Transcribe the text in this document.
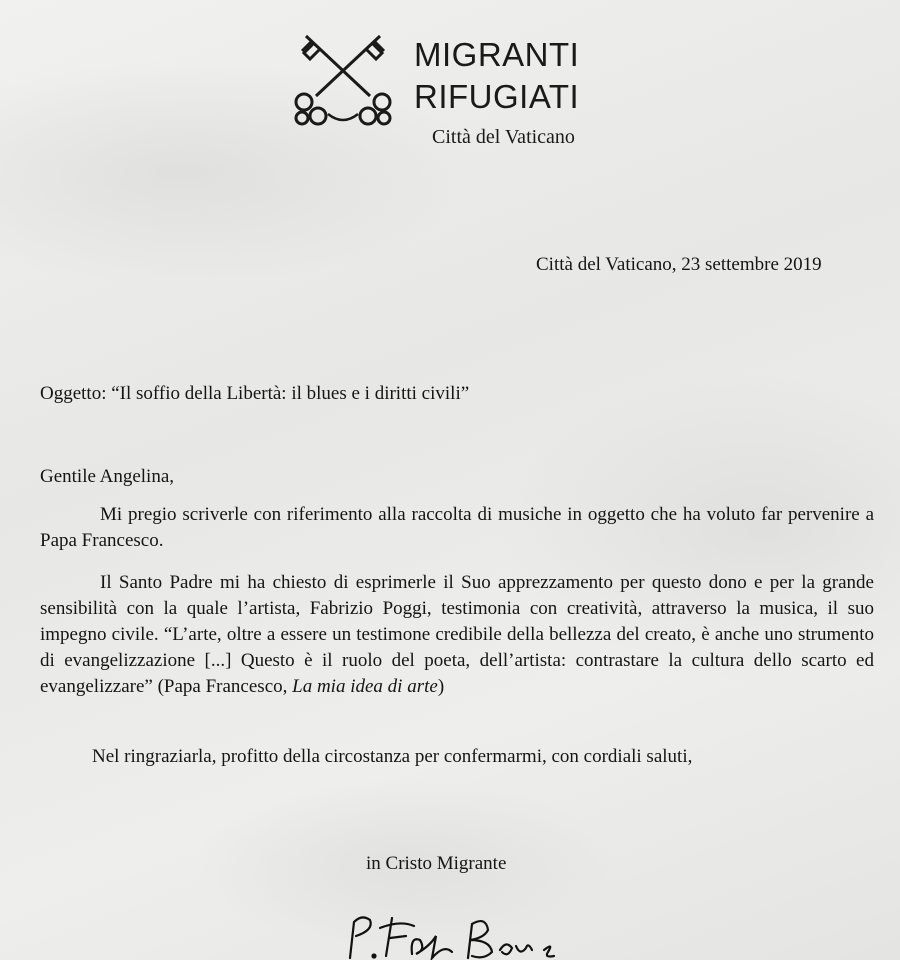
MIGRANTI
RIFUGIATI
Città del Vaticano
Città del Vaticano, 23 settembre 2019
Oggetto: “Il soffio della Libertà: il blues e i diritti civili”
Gentile Angelina,
Mi pregio scriverle con riferimento alla raccolta di musiche in oggetto che ha voluto far pervenire a Papa Francesco.
Il Santo Padre mi ha chiesto di esprimerle il Suo apprezzamento per questo dono e per la grande sensibilità con la quale l’artista, Fabrizio Poggi, testimonia con creatività, attraverso la musica, il suo impegno civile. “L’arte, oltre a essere un testimone credibile della bellezza del creato, è anche uno strumento di evangelizzazione [...] Questo è il ruolo del poeta, dell’artista: contrastare la cultura dello scarto ed evangelizzare” (Papa Francesco, La mia idea di arte)
Nel ringraziarla, profitto della circostanza per confermarmi, con cordiali saluti,
in Cristo Migrante
